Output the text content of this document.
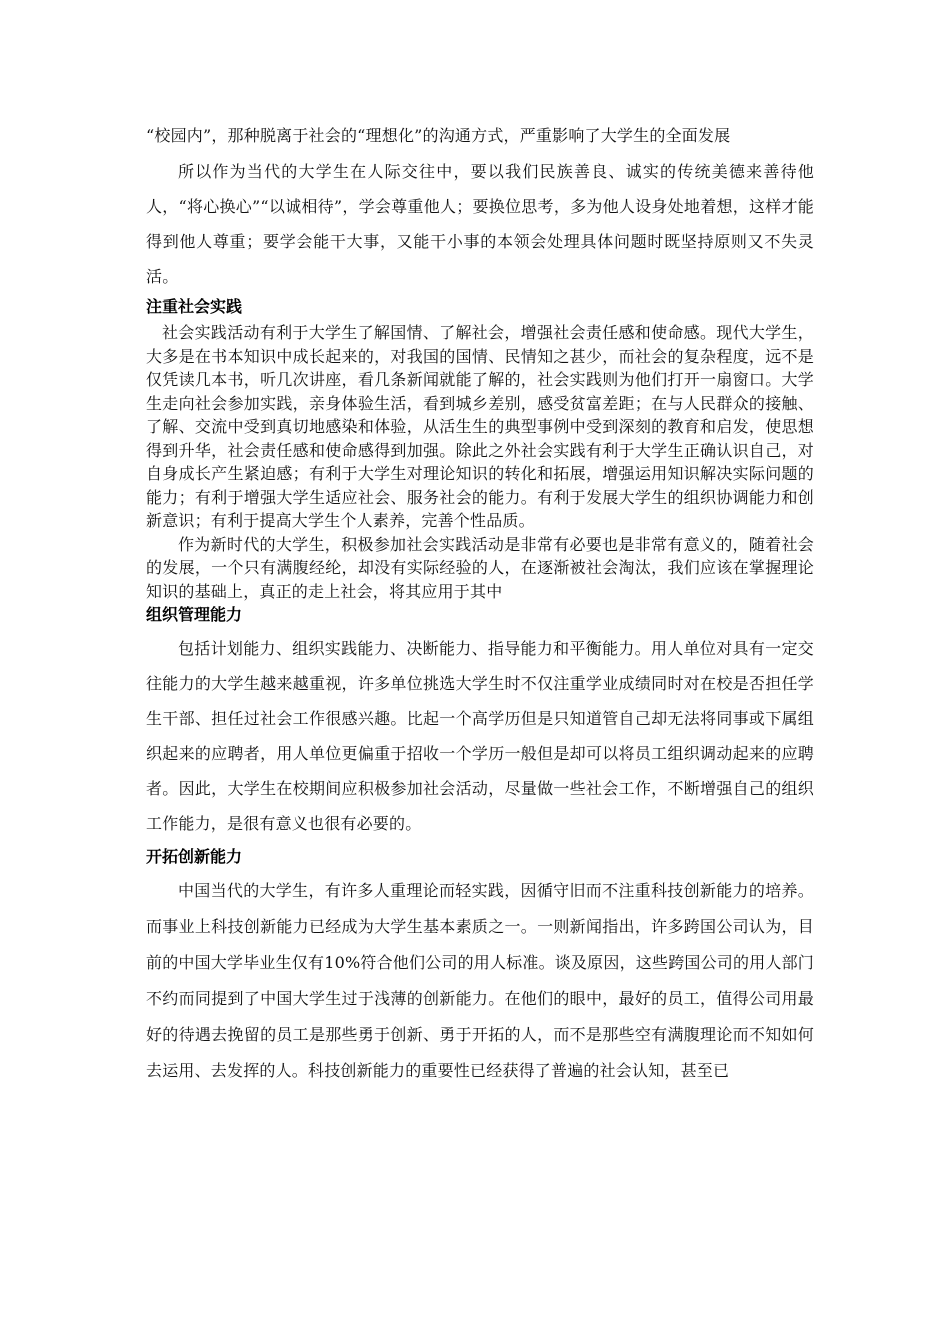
“校园内”，那种脱离于社会的“理想化”的沟通方式，严重影响了大学生的全面发展

所以作为当代的大学生在人际交往中，要以我们民族善良、诚实的传统美德来善待他人，“将心换心”“以诚相待”，学会尊重他人；要换位思考，多为他人设身处地着想，这样才能得到他人尊重；要学会能干大事，又能干小事的本领会处理具体问题时既坚持原则又不失灵活。

注重社会实践

社会实践活动有利于大学生了解国情、了解社会，增强社会责任感和使命感。现代大学生，大多是在书本知识中成长起来的，对我国的国情、民情知之甚少，而社会的复杂程度，远不是仅凭读几本书，听几次讲座，看几条新闻就能了解的，社会实践则为他们打开一扇窗口。大学生走向社会参加实践，亲身体验生活，看到城乡差别，感受贫富差距；在与人民群众的接触、了解、交流中受到真切地感染和体验，从活生生的典型事例中受到深刻的教育和启发，使思想得到升华，社会责任感和使命感得到加强。除此之外社会实践有利于大学生正确认识自己，对自身成长产生紧迫感；有利于大学生对理论知识的转化和拓展，增强运用知识解决实际问题的能力；有利于增强大学生适应社会、服务社会的能力。有利于发展大学生的组织协调能力和创新意识；有利于提高大学生个人素养，完善个性品质。

作为新时代的大学生，积极参加社会实践活动是非常有必要也是非常有意义的，随着社会的发展，一个只有满腹经纶，却没有实际经验的人，在逐渐被社会淘汰，我们应该在掌握理论知识的基础上，真正的走上社会，将其应用于其中

组织管理能力

包括计划能力、组织实践能力、决断能力、指导能力和平衡能力。用人单位对具有一定交往能力的大学生越来越重视，许多单位挑选大学生时不仅注重学业成绩同时对在校是否担任学生干部、担任过社会工作很感兴趣。比起一个高学历但是只知道管自己却无法将同事或下属组织起来的应聘者，用人单位更偏重于招收一个学历一般但是却可以将员工组织调动起来的应聘者。因此，大学生在校期间应积极参加社会活动，尽量做一些社会工作，不断增强自己的组织工作能力，是很有意义也很有必要的。

开拓创新能力

中国当代的大学生，有许多人重理论而轻实践，因循守旧而不注重科技创新能力的培养。而事业上科技创新能力已经成为大学生基本素质之一。一则新闻指出，许多跨国公司认为，目前的中国大学毕业生仅有10%符合他们公司的用人标准。谈及原因，这些跨国公司的用人部门不约而同提到了中国大学生过于浅薄的创新能力。在他们的眼中，最好的员工，值得公司用最好的待遇去挽留的员工是那些勇于创新、勇于开拓的人，而不是那些空有满腹理论而不知如何去运用、去发挥的人。科技创新能力的重要性已经获得了普遍的社会认知，甚至已
